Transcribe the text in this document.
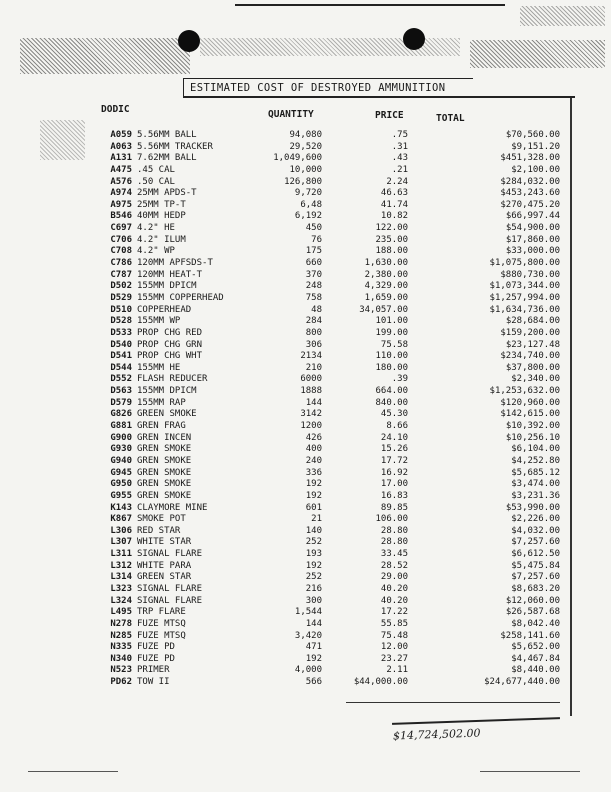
ESTIMATED COST OF DESTROYED AMMUNITION
DODIC	QUANTITY	PRICE	TOTAL
A059 5.56MM BALL	94,080	.75	$70,560.00
A063 5.56MM TRACKER	29,520	.31	$9,151.20
A131 7.62MM BALL	1,049,600	.43	$451,328.00
A475 .45 CAL	10,000	.21	$2,100.00
A576 .50 CAL	126,800	2.24	$284,032.00
A974 25MM APDS-T	9,720	46.63	$453,243.60
A975 25MM TP-T	6,48	41.74	$270,475.20
B546 40MM HEDP	6,192	10.82	$66,997.44
C697 4.2" HE	450	122.00	$54,900.00
C706 4.2" ILUM	76	235.00	$17,860.00
C708 4.2" WP	175	188.00	$33,000.00
C786 120MM APFSDS-T	660	1,630.00	$1,075,800.00
C787 120MM HEAT-T	370	2,380.00	$880,730.00
D502 155MM DPICM	248	4,329.00	$1,073,344.00
D529 155MM COPPERHEAD	758	1,659.00	$1,257,994.00
D510 COPPERHEAD	48	34,057.00	$1,634,736.00
D528 155MM WP	284	101.00	$28,684.00
D533 PROP CHG RED	800	199.00	$159,200.00
D540 PROP CHG GRN	306	75.58	$23,127.48
D541 PROP CHG WHT	2134	110.00	$234,740.00
D544 155MM HE	210	180.00	$37,800.00
D552 FLASH REDUCER	6000	.39	$2,340.00
D563 155MM DPICM	1888	664.00	$1,253,632.00
D579 155MM RAP	144	840.00	$120,960.00
G826 GREEN SMOKE	3142	45.30	$142,615.00
G881 GREN FRAG	1200	8.66	$10,392.00
G900 GREN INCEN	426	24.10	$10,256.10
G930 GREN SMOKE	400	15.26	$6,104.00
G940 GREN SMOKE	240	17.72	$4,252.80
G945 GREN SMOKE	336	16.92	$5,685.12
G950 GREN SMOKE	192	17.00	$3,474.00
G955 GREN SMOKE	192	16.83	$3,231.36
K143 CLAYMORE MINE	601	89.85	$53,990.00
K867 SMOKE POT	21	106.00	$2,226.00
L306 RED STAR	140	28.80	$4,032.00
L307 WHITE STAR	252	28.80	$7,257.60
L311 SIGNAL FLARE	193	33.45	$6,612.50
L312 WHITE PARA	192	28.52	$5,475.84
L314 GREEN STAR	252	29.00	$7,257.60
L323 SIGNAL FLARE	216	40.20	$8,683.20
L324 SIGNAL FLARE	300	40.20	$12,060.00
L495 TRP FLARE	1,544	17.22	$26,587.68
N278 FUZE MTSQ	144	55.85	$8,042.40
N285 FUZE MTSQ	3,420	75.48	$258,141.60
N335 FUZE PD	471	12.00	$5,652.00
N340 FUZE PD	192	23.27	$4,467.84
N523 PRIMER	4,000	2.11	$8,440.00
PD62 TOW II	566	$44,000.00	$24,677,440.00
$14,724,502.00
